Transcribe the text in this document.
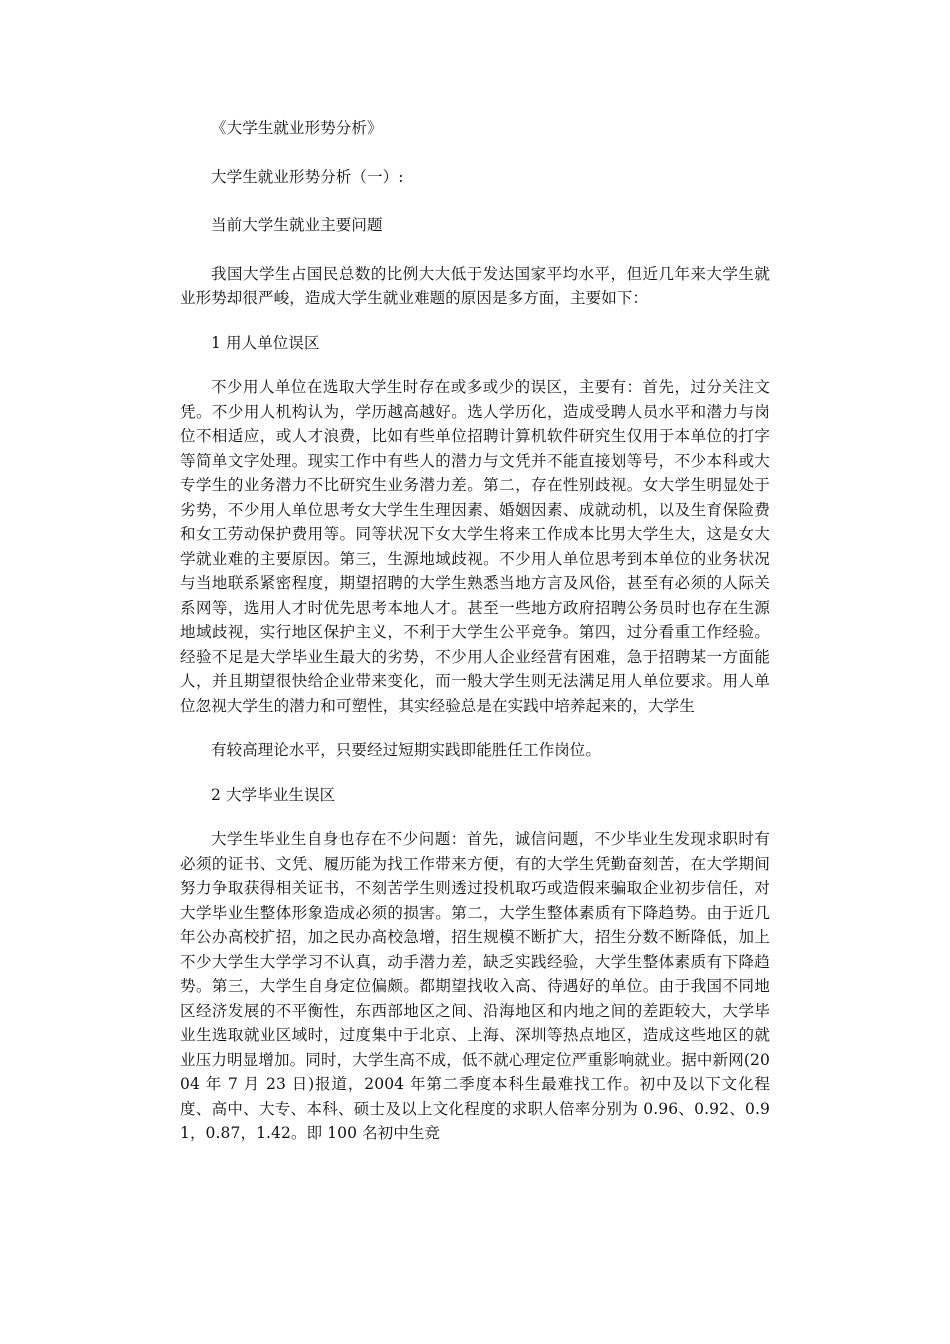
《大学生就业形势分析》

大学生就业形势分析（一）:

当前大学生就业主要问题

我国大学生占国民总数的比例大大低于发达国家平均水平，但近几年来大学生就业形势却很严峻，造成大学生就业难题的原因是多方面，主要如下：

1 用人单位误区

不少用人单位在选取大学生时存在或多或少的误区，主要有：首先，过分关注文凭。不少用人机构认为，学历越高越好。选人学历化，造成受聘人员水平和潜力与岗位不相适应，或人才浪费，比如有些单位招聘计算机软件研究生仅用于本单位的打字等简单文字处理。现实工作中有些人的潜力与文凭并不能直接划等号，不少本科或大专学生的业务潜力不比研究生业务潜力差。第二，存在性别歧视。女大学生明显处于劣势，不少用人单位思考女大学生生理因素、婚姻因素、成就动机，以及生育保险费和女工劳动保护费用等。同等状况下女大学生将来工作成本比男大学生大，这是女大学就业难的主要原因。第三，生源地域歧视。不少用人单位思考到本单位的业务状况与当地联系紧密程度，期望招聘的大学生熟悉当地方言及风俗，甚至有必须的人际关系网等，选用人才时优先思考本地人才。甚至一些地方政府招聘公务员时也存在生源地域歧视，实行地区保护主义，不利于大学生公平竞争。第四，过分看重工作经验。经验不足是大学毕业生最大的劣势，不少用人企业经营有困难，急于招聘某一方面能人，并且期望很快给企业带来变化，而一般大学生则无法满足用人单位要求。用人单位忽视大学生的潜力和可塑性，其实经验总是在实践中培养起来的，大学生

有较高理论水平，只要经过短期实践即能胜任工作岗位。

2 大学毕业生误区

大学生毕业生自身也存在不少问题：首先，诚信问题，不少毕业生发现求职时有必须的证书、文凭、履历能为找工作带来方便，有的大学生凭勤奋刻苦，在大学期间努力争取获得相关证书，不刻苦学生则透过投机取巧或造假来骗取企业初步信任，对大学毕业生整体形象造成必须的损害。第二，大学生整体素质有下降趋势。由于近几年公办高校扩招，加之民办高校急增，招生规模不断扩大，招生分数不断降低，加上不少大学生大学学习不认真，动手潜力差，缺乏实践经验，大学生整体素质有下降趋势。第三，大学生自身定位偏颇。都期望找收入高、待遇好的单位。由于我国不同地区经济发展的不平衡性，东西部地区之间、沿海地区和内地之间的差距较大，大学毕业生选取就业区域时，过度集中于北京、上海、深圳等热点地区，造成这些地区的就业压力明显增加。同时，大学生高不成，低不就心理定位严重影响就业。据中新网(2004 年 7 月 23 日)报道，2004 年第二季度本科生最难找工作。初中及以下文化程度、高中、大专、本科、硕士及以上文化程度的求职人倍率分别为 0.96、0.92、0.91，0.87，1.42。即 100 名初中生竞
